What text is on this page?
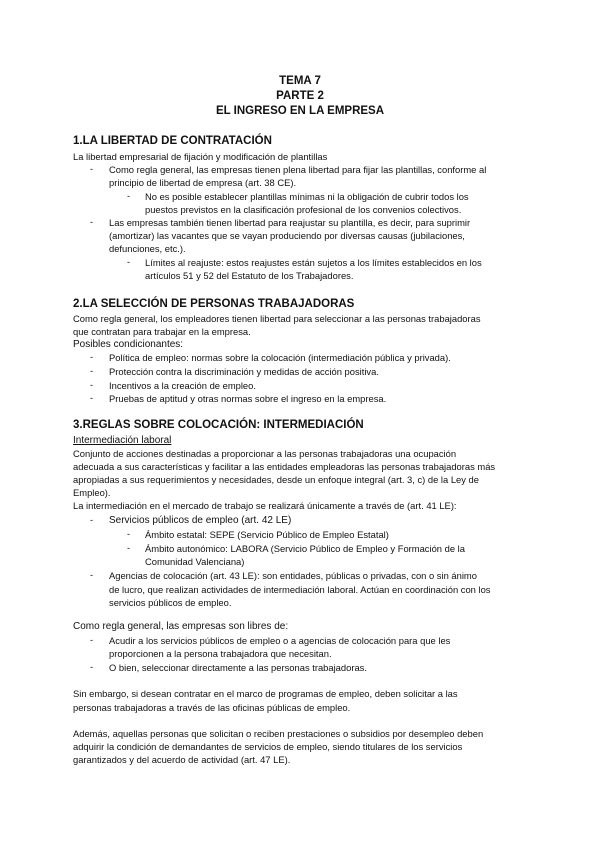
TEMA 7
PARTE 2
EL INGRESO EN LA EMPRESA
1.LA LIBERTAD DE CONTRATACIÓN
La libertad empresarial de fijación y modificación de plantillas
- Como regla general, las empresas tienen plena libertad para fijar las plantillas, conforme al
principio de libertad de empresa (art. 38 CE).
- No es posible establecer plantillas mínimas ni la obligación de cubrir todos los
puestos previstos en la clasificación profesional de los convenios colectivos.
- Las empresas también tienen libertad para reajustar su plantilla, es decir, para suprimir
(amortizar) las vacantes que se vayan produciendo por diversas causas (jubilaciones,
defunciones, etc.).
- Límites al reajuste: estos reajustes están sujetos a los límites establecidos en los
artículos 51 y 52 del Estatuto de los Trabajadores.
2.LA SELECCIÓN DE PERSONAS TRABAJADORAS
Como regla general, los empleadores tienen libertad para seleccionar a las personas trabajadoras
que contratan para trabajar en la empresa.
Posibles condicionantes:
- Política de empleo: normas sobre la colocación (intermediación pública y privada).
- Protección contra la discriminación y medidas de acción positiva.
- Incentivos a la creación de empleo.
- Pruebas de aptitud y otras normas sobre el ingreso en la empresa.
3.REGLAS SOBRE COLOCACIÓN: INTERMEDIACIÓN
Intermediación laboral
Conjunto de acciones destinadas a proporcionar a las personas trabajadoras una ocupación
adecuada a sus características y facilitar a las entidades empleadoras las personas trabajadoras más
apropiadas a sus requerimientos y necesidades, desde un enfoque integral (art. 3, c) de la Ley de
Empleo).
La intermediación en el mercado de trabajo se realizará únicamente a través de (art. 41 LE):
- Servicios públicos de empleo (art. 42 LE)
- Ámbito estatal: SEPE (Servicio Público de Empleo Estatal)
- Ámbito autonómico: LABORA (Servicio Público de Empleo y Formación de la
Comunidad Valenciana)
- Agencias de colocación (art. 43 LE): son entidades, públicas o privadas, con o sin ánimo
de lucro, que realizan actividades de intermediación laboral. Actúan en coordinación con los
servicios públicos de empleo.
Como regla general, las empresas son libres de:
- Acudir a los servicios públicos de empleo o a agencias de colocación para que les
proporcionen a la persona trabajadora que necesitan.
- O bien, seleccionar directamente a las personas trabajadoras.
Sin embargo, si desean contratar en el marco de programas de empleo, deben solicitar a las
personas trabajadoras a través de las oficinas públicas de empleo.
Además, aquellas personas que solicitan o reciben prestaciones o subsidios por desempleo deben
adquirir la condición de demandantes de servicios de empleo, siendo titulares de los servicios
garantizados y del acuerdo de actividad (art. 47 LE).
